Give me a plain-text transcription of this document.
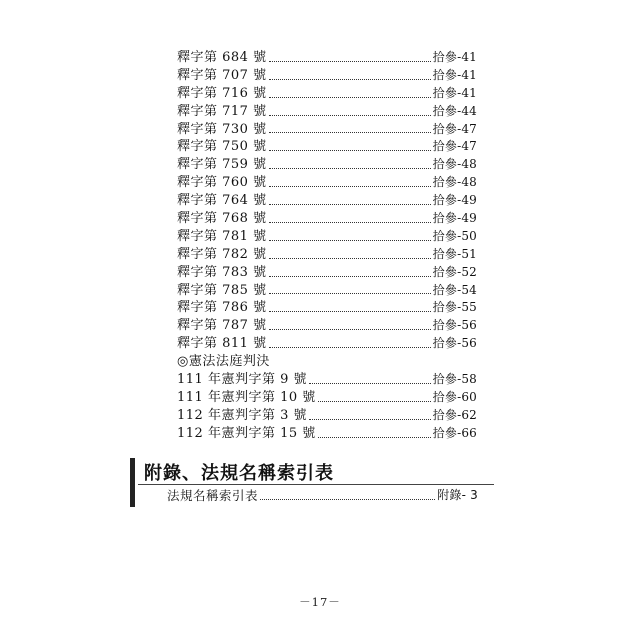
釋字第 684 號	拾參-41
釋字第 707 號	拾參-41
釋字第 716 號	拾參-41
釋字第 717 號	拾參-44
釋字第 730 號	拾參-47
釋字第 750 號	拾參-47
釋字第 759 號	拾參-48
釋字第 760 號	拾參-48
釋字第 764 號	拾參-49
釋字第 768 號	拾參-49
釋字第 781 號	拾參-50
釋字第 782 號	拾參-51
釋字第 783 號	拾參-52
釋字第 785 號	拾參-54
釋字第 786 號	拾參-55
釋字第 787 號	拾參-56
釋字第 811 號	拾參-56
◎憲法法庭判決
111 年憲判字第 9 號	拾參-58
111 年憲判字第 10 號	拾參-60
112 年憲判字第 3 號	拾參-62
112 年憲判字第 15 號	拾參-66
附錄、法規名稱索引表
法規名稱索引表	附錄- 3
－17－
